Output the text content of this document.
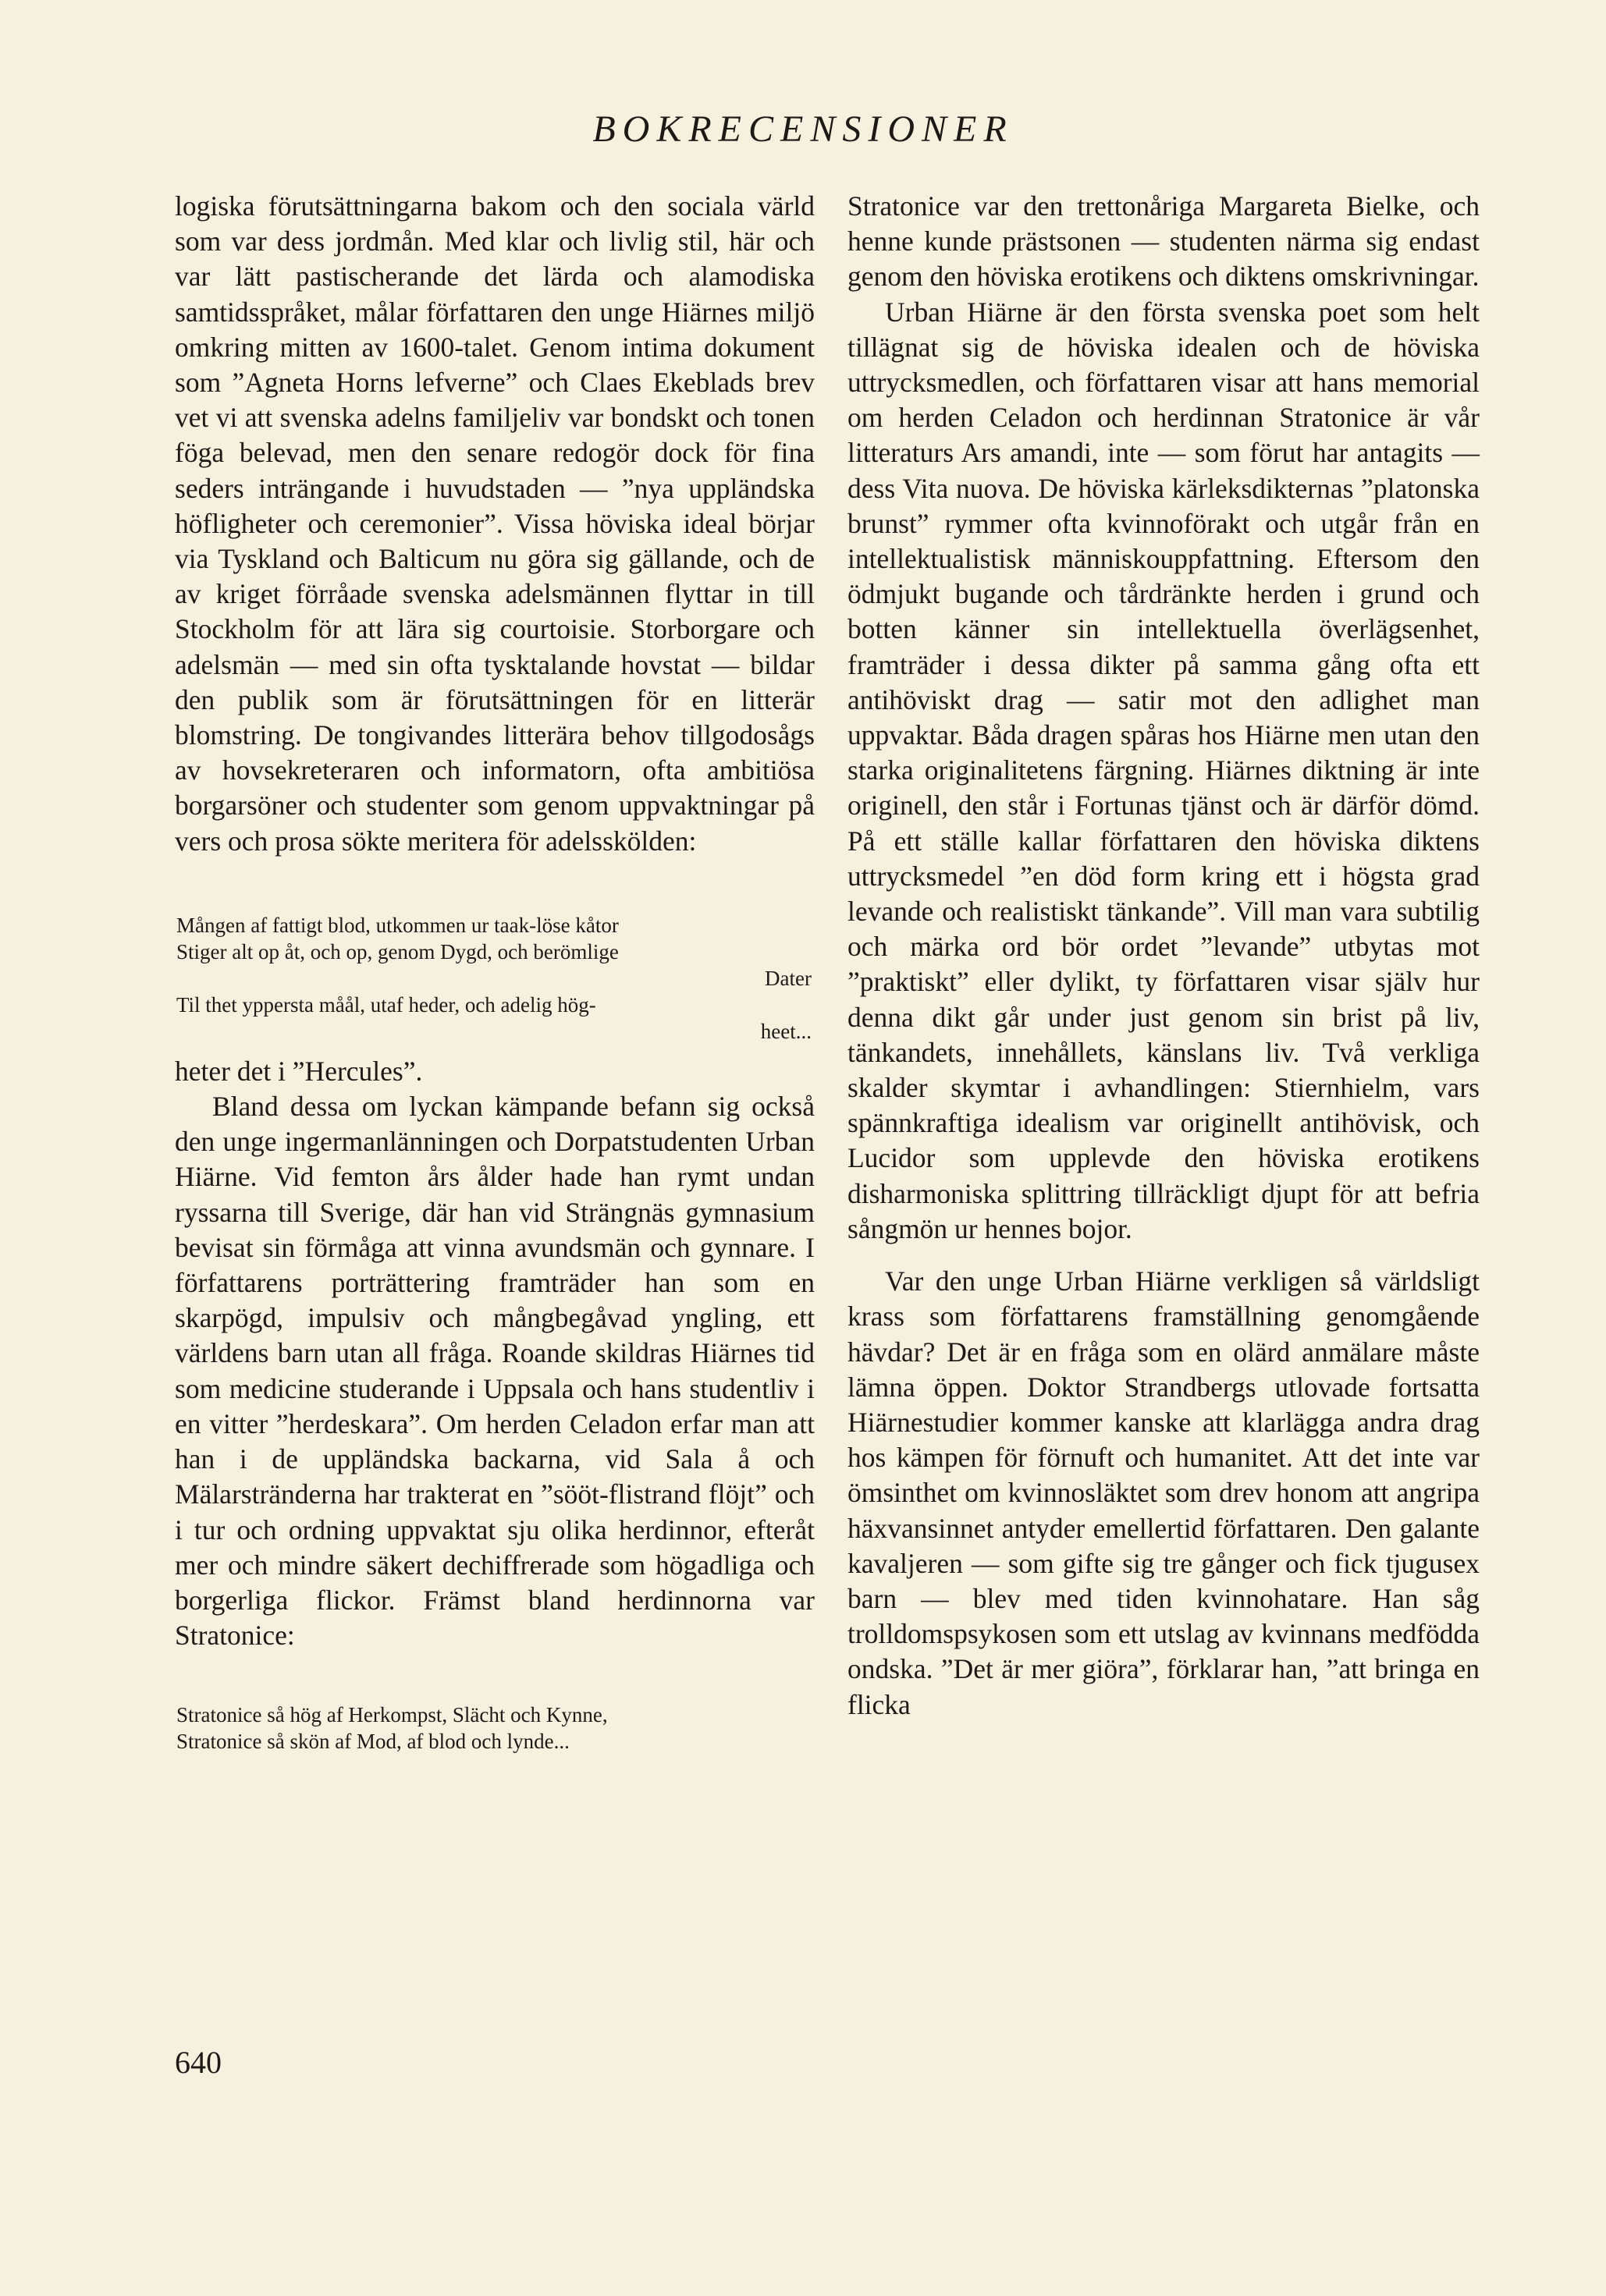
BOKRECENSIONER

logiska förutsättningarna bakom och den sociala värld som var dess jordmån. Med klar och livlig stil, här och var lätt pastischerande det lärda och alamodiska samtidsspråket, målar författaren den unge Hiärnes miljö omkring mitten av 1600-talet. Genom intima dokument som ”Agneta Horns lefverne” och Claes Ekeblads brev vet vi att svenska adelns familjeliv var bondskt och tonen föga belevad, men den senare redogör dock för fina seders inträngande i huvudstaden — ”nya uppländska höfligheter och ceremonier”. Vissa höviska ideal börjar via Tyskland och Balticum nu göra sig gällande, och de av kriget förråade svenska adelsmännen flyttar in till Stockholm för att lära sig courtoisie. Storborgare och adelsmän — med sin ofta tysktalande hovstat — bildar den publik som är förutsättningen för en litterär blomstring. De tongivandes litterära behov tillgodosågs av hovsekreteraren och informatorn, ofta ambitiösa borgarsöner och studenter som genom uppvaktningar på vers och prosa sökte meritera för adelsskölden:

Mången af fattigt blod, utkommen ur taak-löse kåtor
Stiger alt op åt, och op, genom Dygd, och berömlige
Dater
Til thet yppersta måål, utaf heder, och adelig hög-
heet...

heter det i ”Hercules”.

Bland dessa om lyckan kämpande befann sig också den unge ingermanlänningen och Dorpatstudenten Urban Hiärne. Vid femton års ålder hade han rymt undan ryssarna till Sverige, där han vid Strängnäs gymnasium bevisat sin förmåga att vinna avundsmän och gynnare. I författarens porträttering framträder han som en skarpögd, impulsiv och mångbegåvad yngling, ett världens barn utan all fråga. Roande skildras Hiärnes tid som medicine studerande i Uppsala och hans studentliv i en vitter ”herdeskara”. Om herden Celadon erfar man att han i de uppländska backarna, vid Sala å och Mälarstränderna har trakterat en ”sööt-flistrand flöjt” och i tur och ordning uppvaktat sju olika herdinnor, efteråt mer och mindre säkert dechiffrerade som högadliga och borgerliga flickor. Främst bland herdinnorna var Stratonice:

Stratonice så hög af Herkompst, Slächt och Kynne,
Stratonice så skön af Mod, af blod och lynde...

Stratonice var den trettonåriga Margareta Bielke, och henne kunde prästsonen — studenten närma sig endast genom den höviska erotikens och diktens omskrivningar.

Urban Hiärne är den första svenska poet som helt tillägnat sig de höviska idealen och de höviska uttrycksmedlen, och författaren visar att hans memorial om herden Celadon och herdinnan Stratonice är vår litteraturs Ars amandi, inte — som förut har antagits — dess Vita nuova. De höviska kärleksdikternas ”platonska brunst” rymmer ofta kvinnoförakt och utgår från en intellektualistisk människouppfattning. Eftersom den ödmjukt bugande och tårdränkte herden i grund och botten känner sin intellektuella överlägsenhet, framträder i dessa dikter på samma gång ofta ett antihöviskt drag — satir mot den adlighet man uppvaktar. Båda dragen spåras hos Hiärne men utan den starka originalitetens färgning. Hiärnes diktning är inte originell, den står i Fortunas tjänst och är därför dömd. På ett ställe kallar författaren den höviska diktens uttrycksmedel ”en död form kring ett i högsta grad levande och realistiskt tänkande”. Vill man vara subtilig och märka ord bör ordet ”levande” utbytas mot ”praktiskt” eller dylikt, ty författaren visar själv hur denna dikt går under just genom sin brist på liv, tänkandets, innehållets, känslans liv. Två verkliga skalder skymtar i avhandlingen: Stiernhielm, vars spännkraftiga idealism var originellt antihövisk, och Lucidor som upplevde den höviska erotikens disharmoniska splittring tillräckligt djupt för att befria sångmön ur hennes bojor.

Var den unge Urban Hiärne verkligen så världsligt krass som författarens framställning genomgående hävdar? Det är en fråga som en olärd anmälare måste lämna öppen. Doktor Strandbergs utlovade fortsatta Hiärnestudier kommer kanske att klarlägga andra drag hos kämpen för förnuft och humanitet. Att det inte var ömsinthet om kvinnosläktet som drev honom att angripa häxvansinnet antyder emellertid författaren. Den galante kavaljeren — som gifte sig tre gånger och fick tjugusex barn — blev med tiden kvinnohatare. Han såg trolldomspsykosen som ett utslag av kvinnans medfödda ondska. ”Det är mer giöra”, förklarar han, ”att bringa en flicka

640
